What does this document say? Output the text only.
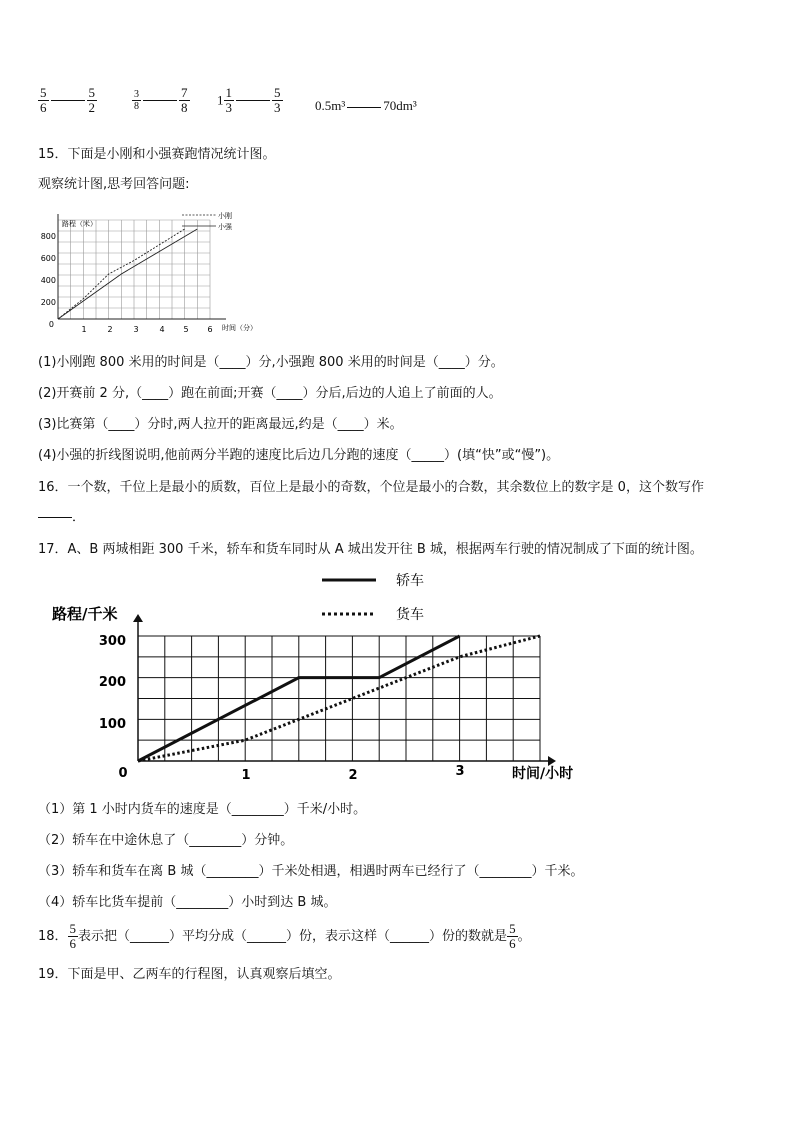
$\frac{5}{6}$	$\frac{5}{2}$	$\frac{3}{8}$	$\frac{7}{8} 1 \frac{1}{3}$	$\frac{5}{3}$	0.5m³	70dm³
15．下面是小刚和小强赛跑情况统计图。
观察统计图,思考回答问题:
800
600
400
200
0
1	2	3	4 5 6
路程（米）
时间（分）
小刚
小强
(1)小刚跑 800 米用的时间是（____）分,小强跑 800 米用的时间是（____）分。
(2)开赛前 2 分,（____）跑在前面;开赛（____）分后,后边的人追上了前面的人。
(3)比赛第（____）分时,两人拉开的距离最远,约是（____）米。
(4)小强的折线图说明,他前两分半跑的速度比后边几分跑的速度（_____）(填“快”或“慢”)。
16．一个数，千位上是最小的质数，百位上是最小的奇数，个位是最小的合数，其余数位上的数字是 0，这个数写作
．
17．A、B 两城相距 300 千米，轿车和货车同时从 A 城出发开往 B 城，根据两车行驶的情况制成了下面的统计图。
轿车
货车
路程/千米
时间/小时
300
200
100
0	1	2	3
（1）第 1 小时内货车的速度是（________）千米/小时。
（2）轿车在中途休息了（________）分钟。
（3）轿车和货车在离 B 城（________）千米处相遇，相遇时两车已经行了（________）千米。
（4）轿车比货车提前（________）小时到达 B 城。
18． $\frac{5}{6}$ 表示把（______）平均分成（______）份，表示这样（______）份的数就是 $\frac{5}{6}$ 。
19．下面是甲、乙两车的行程图，认真观察后填空。
